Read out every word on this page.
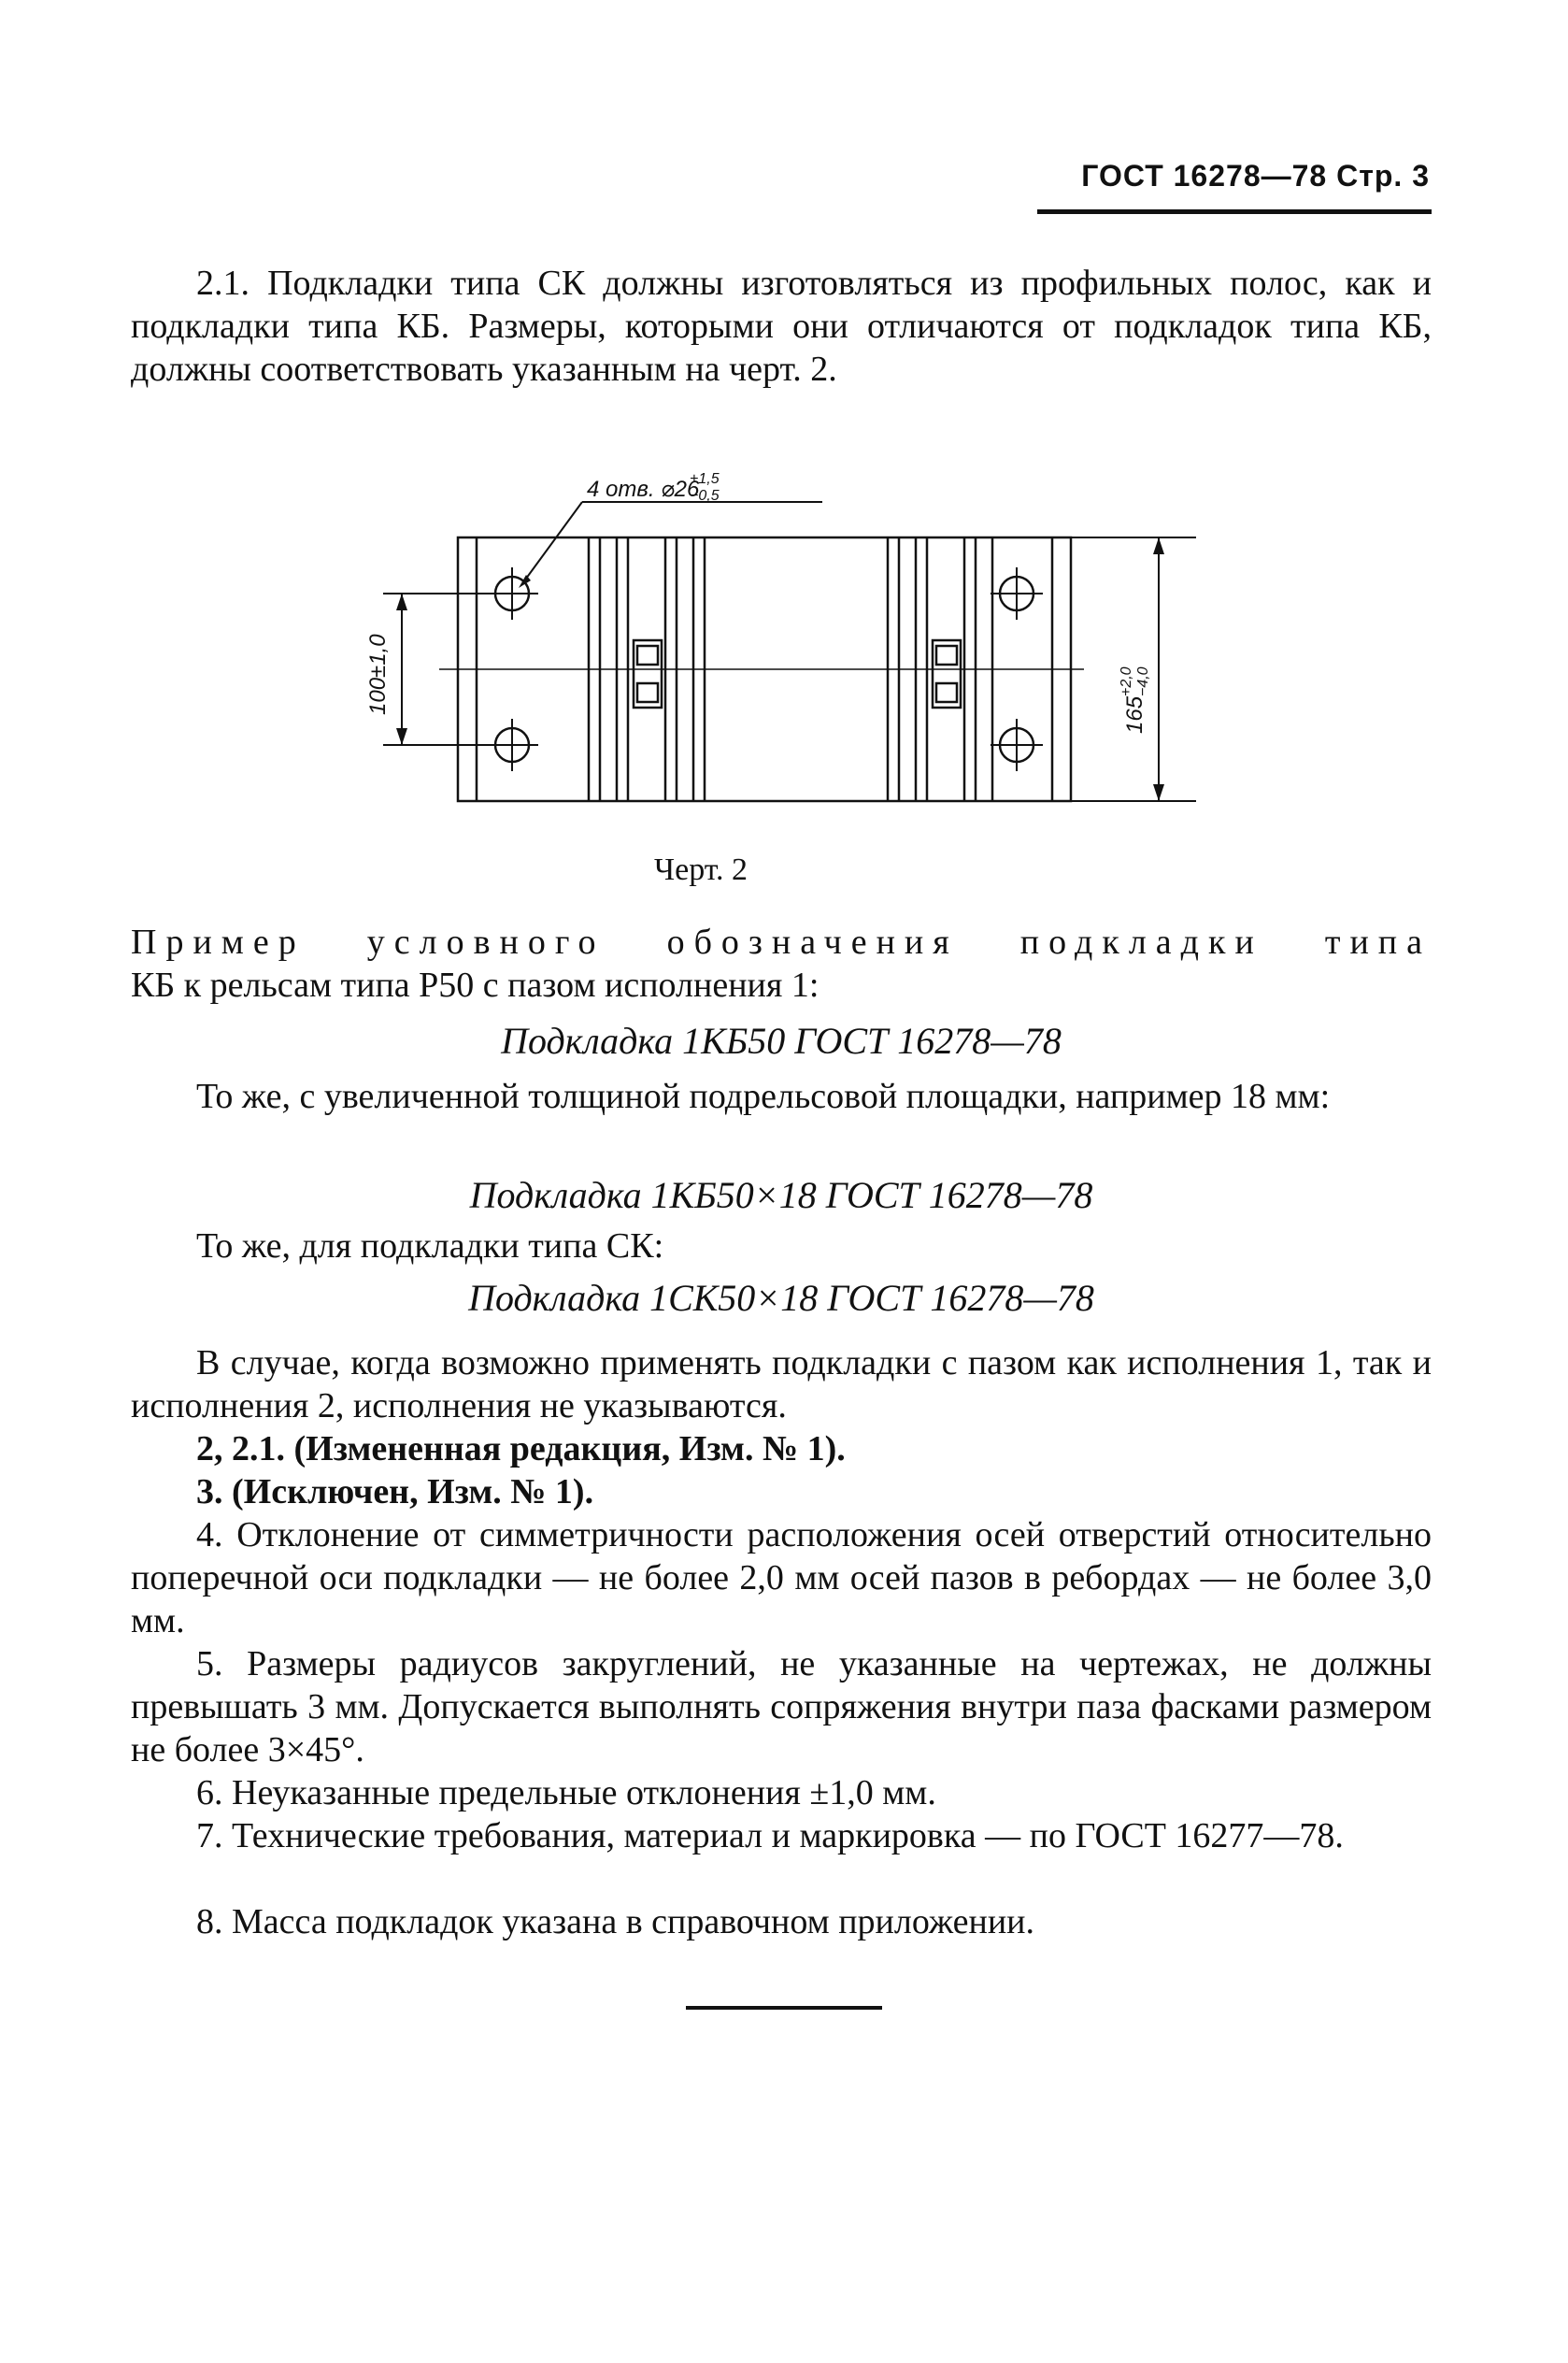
ГОСТ 16278—78 Стр. 3
2.1. Подкладки типа СК должны изготовляться из профильных полос, как и подкладки типа КБ. Размеры, которыми они отличаются от подкладок типа КБ, должны соответствовать указанным на черт. 2.
4 отв. ⌀26
+1,5
−0,5
100±1,0	165
+2,0 −4,0
Черт. 2
Пример условного обозначения подкладки типа
КБ к рельсам типа Р50 с пазом исполнения 1:
Подкладка 1КБ50 ГОСТ 16278—78
То же, с увеличенной толщиной подрельсовой площадки, например 18 мм:
Подкладка 1КБ50×18 ГОСТ 16278—78
То же, для подкладки типа СК:
Подкладка 1СК50×18 ГОСТ 16278—78
В случае, когда возможно применять подкладки с пазом как исполнения 1, так и исполнения 2, исполнения не указываются.
2, 2.1. (Измененная редакция, Изм. № 1).
3. (Исключен, Изм. № 1).
4. Отклонение от симметричности расположения осей отверстий относительно поперечной оси подкладки — не более 2,0 мм осей пазов в ребордах — не более 3,0 мм.
5. Размеры радиусов закруглений, не указанные на чертежах, не должны превышать 3 мм. Допускается выполнять сопряжения внутри паза фасками размером не более 3×45°.
6. Неуказанные предельные отклонения ±1,0 мм.
7. Технические требования, материал и маркировка — по ГОСТ 16277—78.
8. Масса подкладок указана в справочном приложении.
